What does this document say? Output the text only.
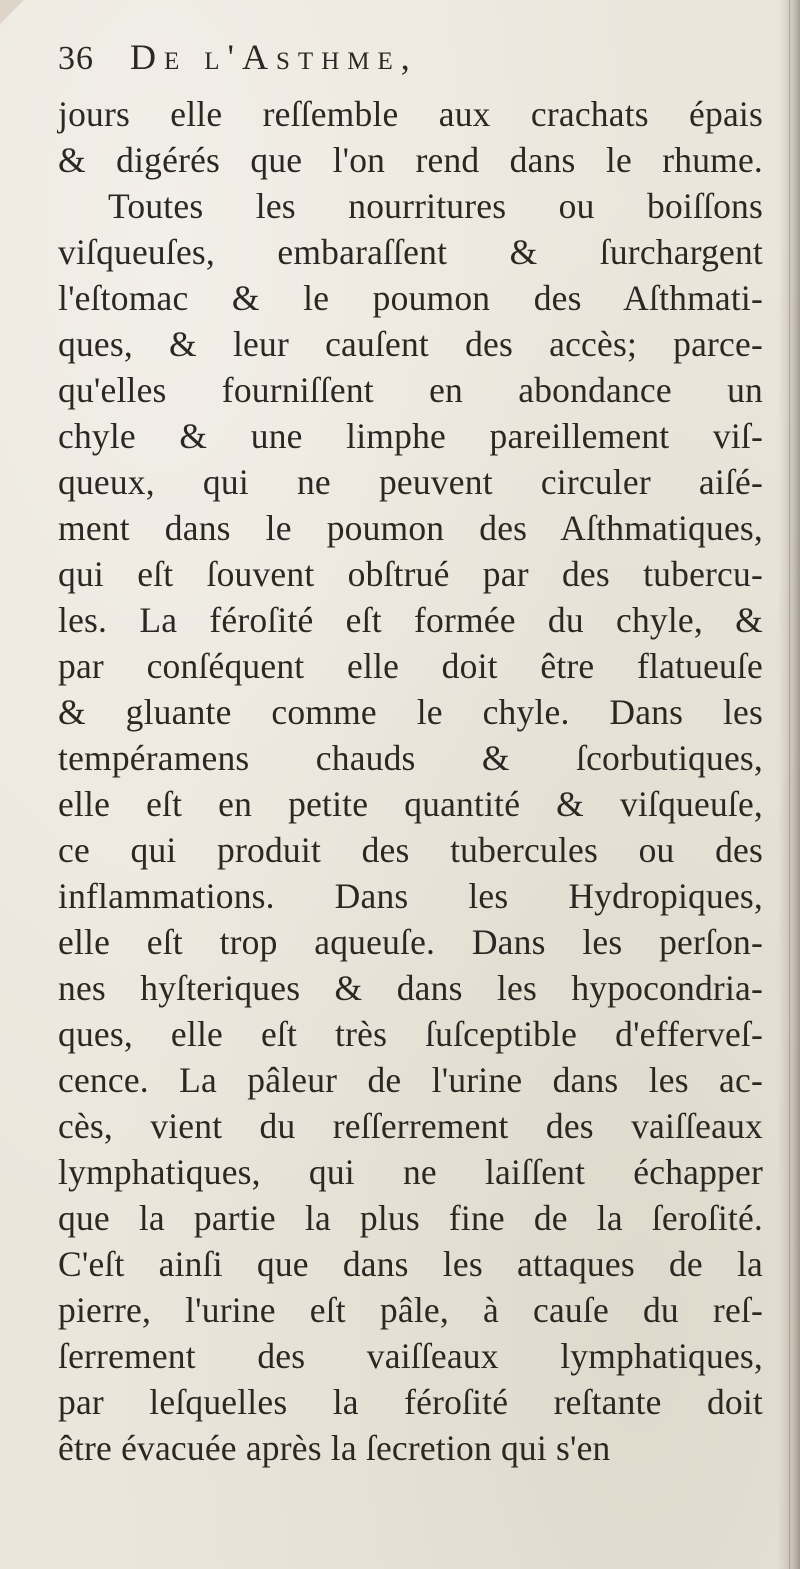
36	De l'Asthme,
jours elle reſſemble aux crachats épais
& digérés que l'on rend dans le rhume.
Toutes les nourritures ou boiſſons
viſqueuſes, embaraſſent & ſurchargent
l'eſtomac & le poumon des Aſthmati-
ques, & leur cauſent des accès; parce-
qu'elles fourniſſent en abondance un
chyle & une limphe pareillement viſ-
queux, qui ne peuvent circuler aiſé-
ment dans le poumon des Aſthmatiques,
qui eſt ſouvent obſtrué par des tubercu-
les. La féroſité eſt formée du chyle, &
par conſéquent elle doit être flatueuſe
& gluante comme le chyle. Dans les
tempéramens chauds & ſcorbutiques,
elle eſt en petite quantité & viſqueuſe,
ce qui produit des tubercules ou des
inflammations. Dans les Hydropiques,
elle eſt trop aqueuſe. Dans les perſon-
nes hyſteriques & dans les hypocondria-
ques, elle eſt très ſuſceptible d'efferveſ-
cence. La pâleur de l'urine dans les ac-
cès, vient du reſſerrement des vaiſſeaux
lymphatiques, qui ne laiſſent échapper
que la partie la plus fine de la ſeroſité.
C'eſt ainſi que dans les attaques de la
pierre, l'urine eſt pâle, à cauſe du reſ-
ſerrement des vaiſſeaux lymphatiques,
par leſquelles la féroſité reſtante doit
être évacuée après la ſecretion qui s'en
